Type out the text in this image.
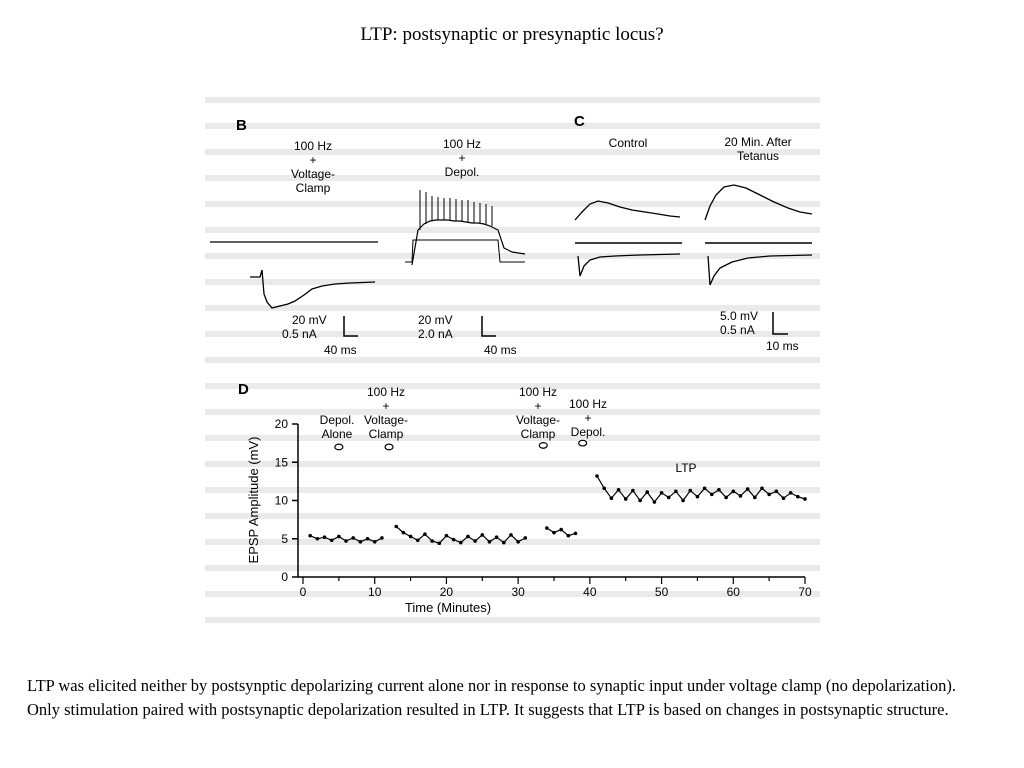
LTP: postsynaptic or presynaptic locus?
B
100 Hz
+
Voltage-
Clamp
100 Hz
+
Depol.
20 mV
0.5 nA
40 ms
20 mV
2.0 nA
40 ms
C
Control	20 Min. After
Tetanus
5.0 mV
0.5 nA
10 ms
D
Depol.
Alone
100 Hz
+
Voltage-
Clamp
100 Hz
+
Voltage-
Clamp
100 Hz
+
Depol.
LTP
0
5
10
15
20
0	10	20	30	40	50	60	70
Time (Minutes)
EPSP Amplitude (mV)

LTP was elicited neither by postsynptic depolarizing current alone nor in response to synaptic input under voltage clamp (no depolarization). Only stimulation paired with postsynaptic depolarization resulted in LTP. It suggests that LTP is based on changes in postsynaptic structure.
